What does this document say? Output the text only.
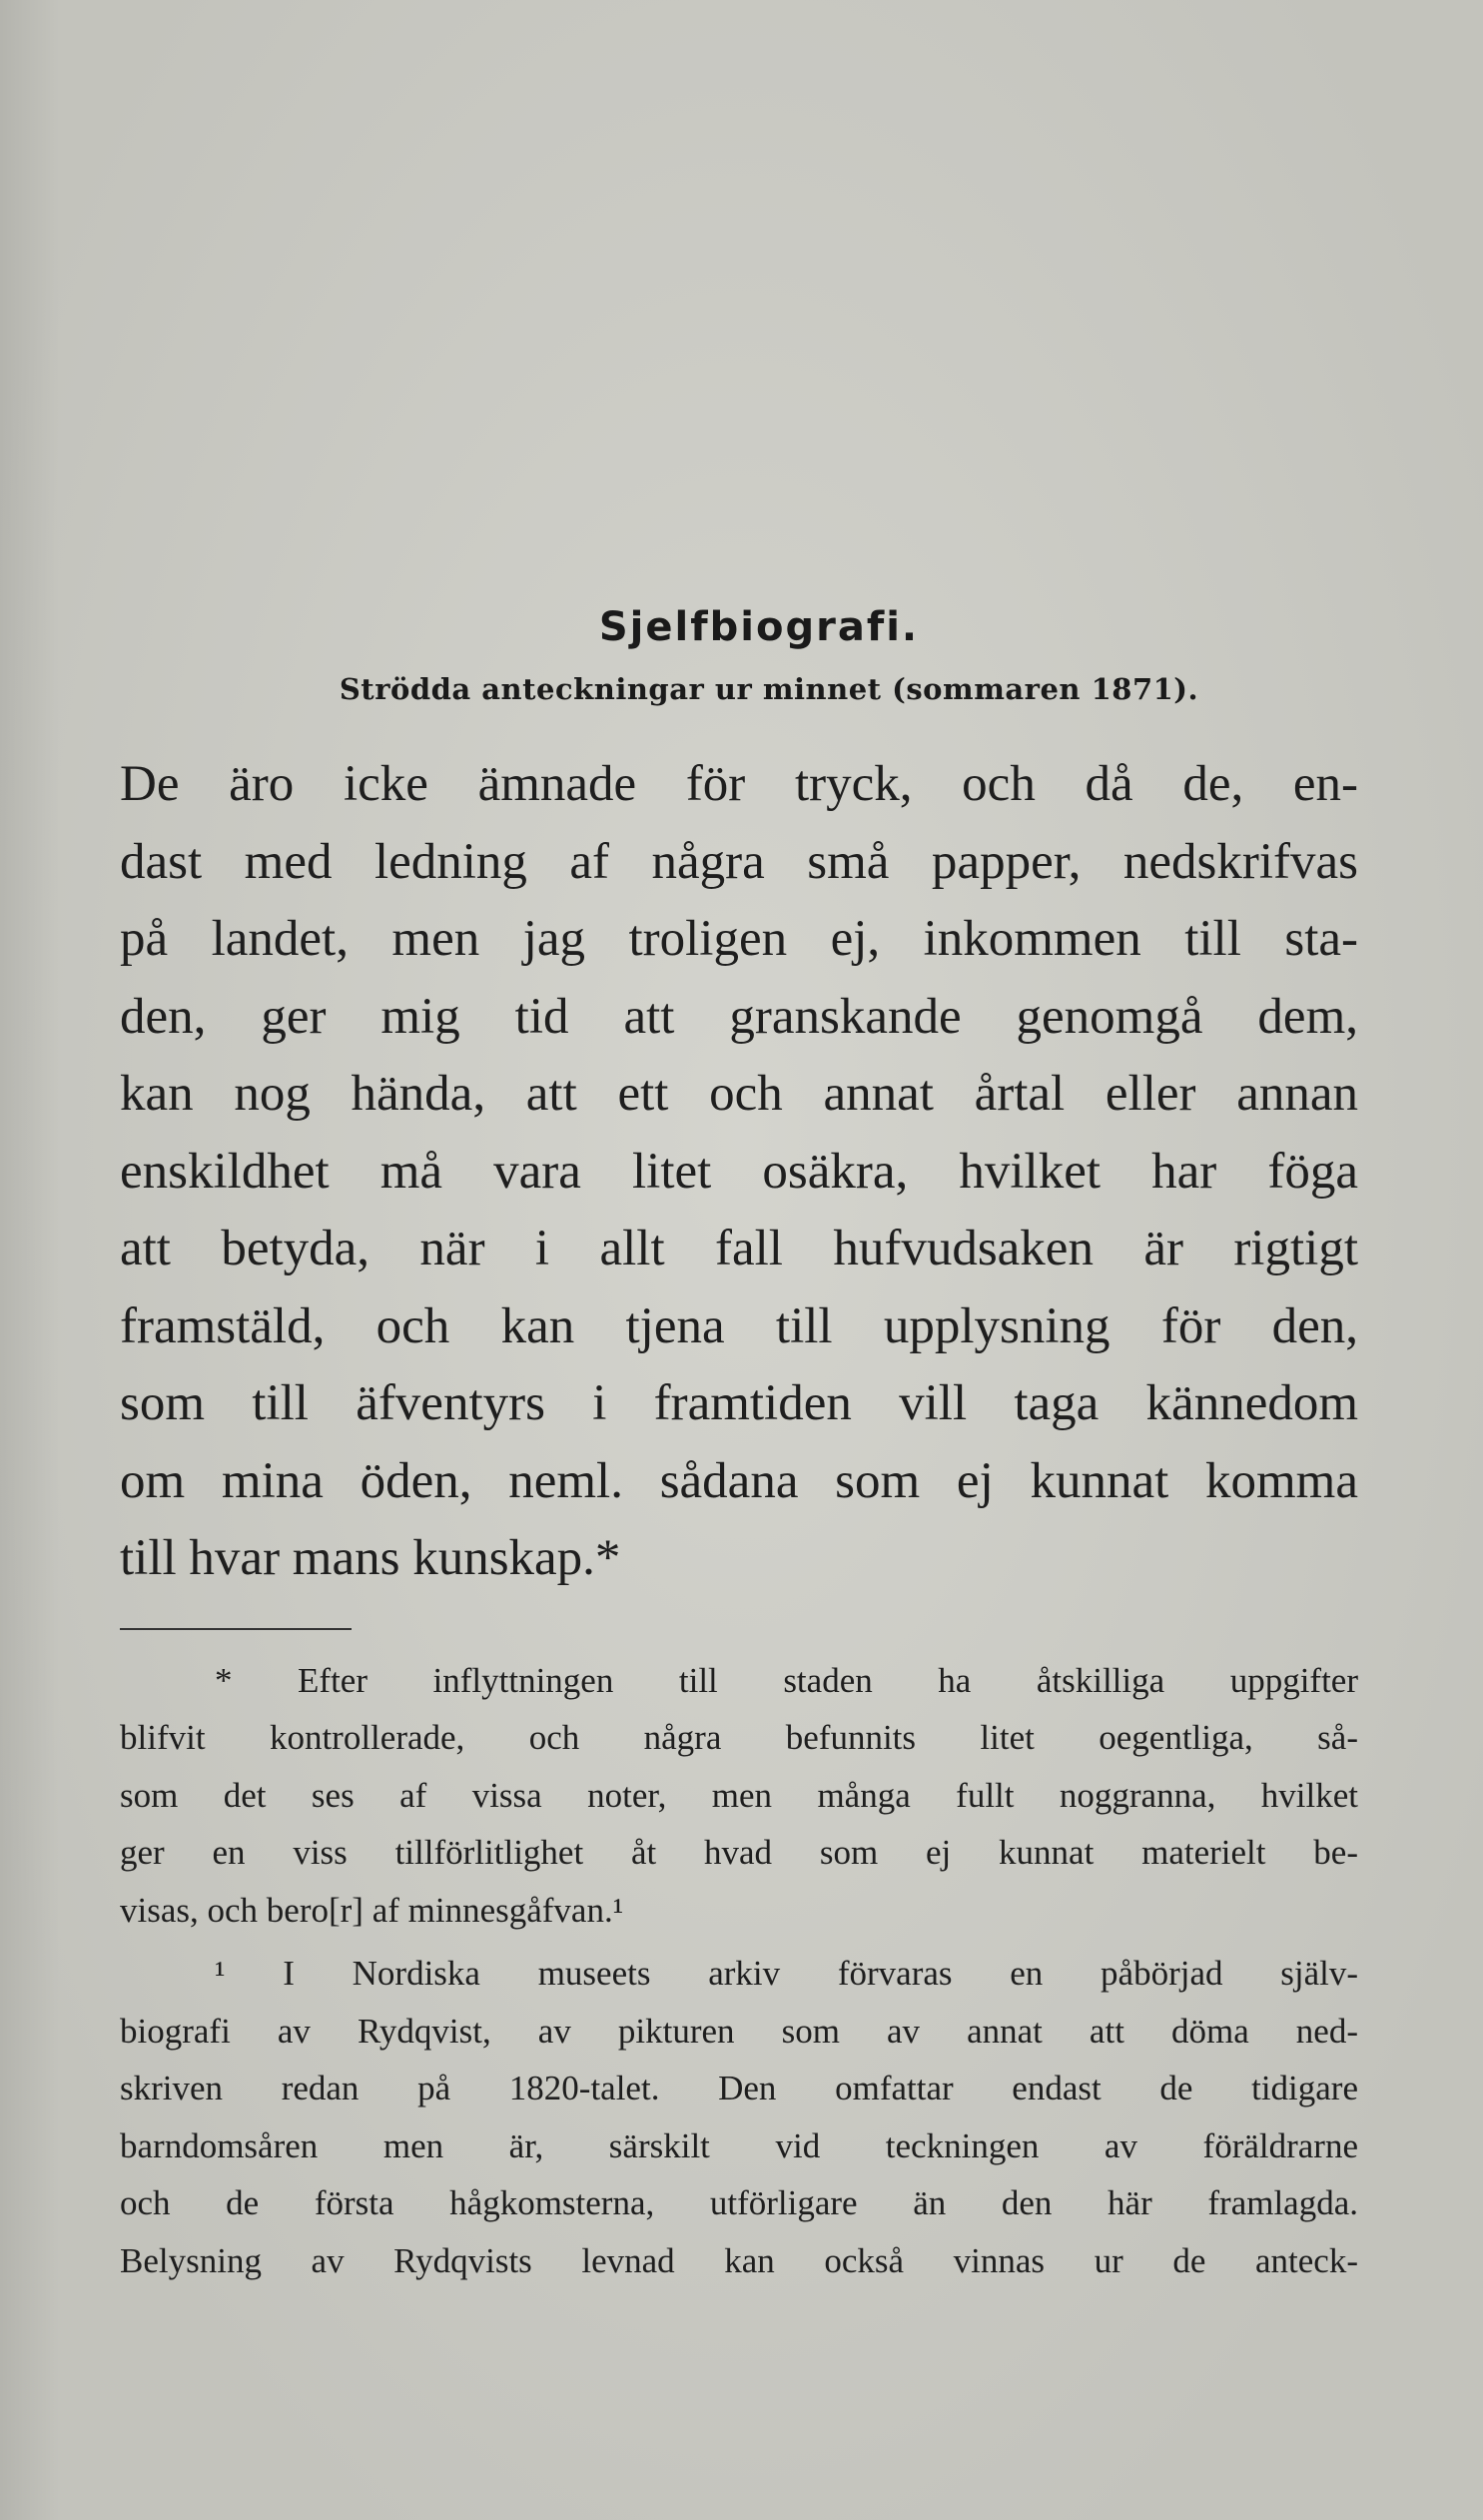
Sjelfbiografi.
Strödda anteckningar ur minnet (sommaren 1871).
De äro icke ämnade för tryck, och då de, en-
dast med ledning af några små papper, nedskrifvas
på landet, men jag troligen ej, inkommen till sta-
den, ger mig tid att granskande genomgå dem,
kan nog hända, att ett och annat årtal eller annan
enskildhet må vara litet osäkra, hvilket har föga
att betyda, när i allt fall hufvudsaken är rigtigt
framstäld, och kan tjena till upplysning för den,
som till äfventyrs i framtiden vill taga kännedom
om mina öden, neml. sådana som ej kunnat komma
till hvar mans kunskap.*
* Efter inflyttningen till staden ha åtskilliga uppgifter
blifvit kontrollerade, och några befunnits litet oegentliga, så-
som det ses af vissa noter, men många fullt noggranna, hvilket
ger en viss tillförlitlighet åt hvad som ej kunnat materielt be-
visas, och bero[r] af minnesgåfvan.¹
¹ I Nordiska museets arkiv förvaras en påbörjad själv-
biografi av Rydqvist, av pikturen som av annat att döma ned-
skriven redan på 1820-talet. Den omfattar endast de tidigare
barndomsåren men är, särskilt vid teckningen av föräldrarne
och de första hågkomsterna, utförligare än den här framlagda.
Belysning av Rydqvists levnad kan också vinnas ur de anteck-
